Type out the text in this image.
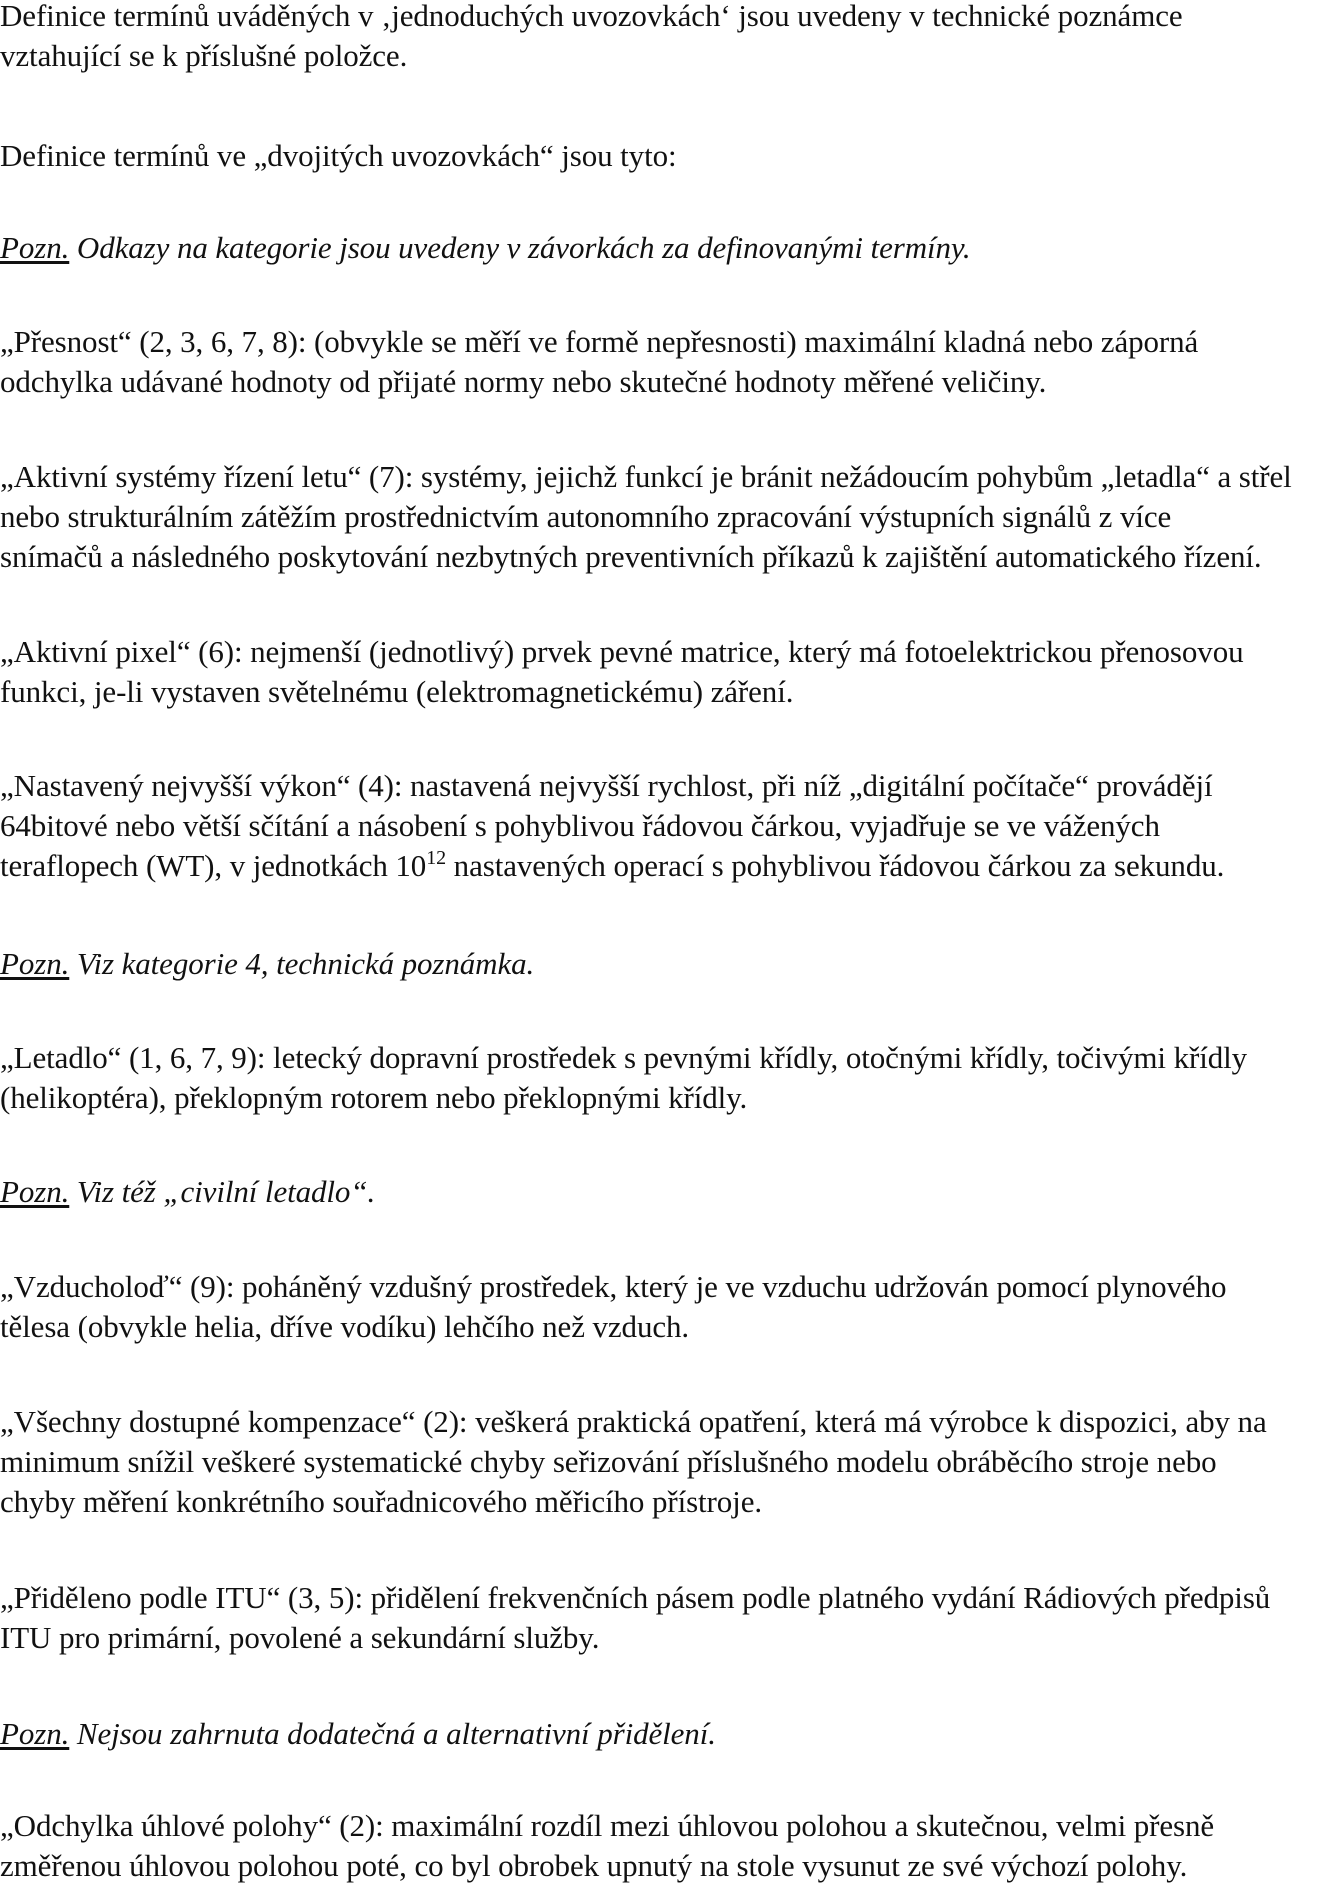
Definice termínů uváděných v ‚jednoduchých uvozovkách‘ jsou uvedeny v technické poznámce
vztahující se k příslušné položce.

Definice termínů ve „dvojitých uvozovkách“ jsou tyto:

Pozn. Odkazy na kategorie jsou uvedeny v závorkách za definovanými termíny.

„Přesnost“ (2, 3, 6, 7, 8): (obvykle se měří ve formě nepřesnosti) maximální kladná nebo záporná
odchylka udávané hodnoty od přijaté normy nebo skutečné hodnoty měřené veličiny.

„Aktivní systémy řízení letu“ (7): systémy, jejichž funkcí je bránit nežádoucím pohybům „letadla“ a střel
nebo strukturálním zátěžím prostřednictvím autonomního zpracování výstupních signálů z více
snímačů a následného poskytování nezbytných preventivních příkazů k zajištění automatického řízení.

„Aktivní pixel“ (6): nejmenší (jednotlivý) prvek pevné matrice, který má fotoelektrickou přenosovou
funkci, je-li vystaven světelnému (elektromagnetickému) záření.

„Nastavený nejvyšší výkon“ (4): nastavená nejvyšší rychlost, při níž „digitální počítače“ provádějí
64bitové nebo větší sčítání a násobení s pohyblivou řádovou čárkou, vyjadřuje se ve vážených
teraflopech (WT), v jednotkách $10^{12}$ nastavených operací s pohyblivou řádovou čárkou za sekundu.

Pozn. Viz kategorie 4, technická poznámka.

„Letadlo“ (1, 6, 7, 9): letecký dopravní prostředek s pevnými křídly, otočnými křídly, točivými křídly
(helikoptéra), překlopným rotorem nebo překlopnými křídly.

Pozn. Viz též „civilní letadlo“.

„Vzducholoď“ (9): poháněný vzdušný prostředek, který je ve vzduchu udržován pomocí plynového
tělesa (obvykle helia, dříve vodíku) lehčího než vzduch.

„Všechny dostupné kompenzace“ (2): veškerá praktická opatření, která má výrobce k dispozici, aby na
minimum snížil veškeré systematické chyby seřizování příslušného modelu obráběcího stroje nebo
chyby měření konkrétního souřadnicového měřicího přístroje.

„Přiděleno podle ITU“ (3, 5): přidělení frekvenčních pásem podle platného vydání Rádiových předpisů
ITU pro primární, povolené a sekundární služby.

Pozn. Nejsou zahrnuta dodatečná a alternativní přidělení.

„Odchylka úhlové polohy“ (2): maximální rozdíl mezi úhlovou polohou a skutečnou, velmi přesně
změřenou úhlovou polohou poté, co byl obrobek upnutý na stole vysunut ze své výchozí polohy.
